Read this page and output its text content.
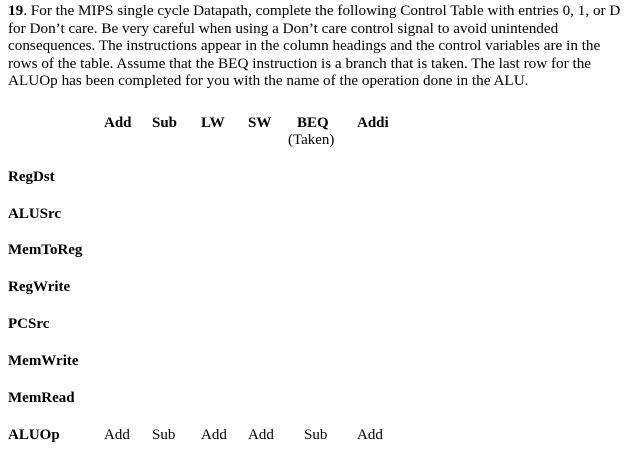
19. For the MIPS single cycle Datapath, complete the following Control Table with entries 0, 1, or D for Don’t care. Be very careful when using a Don’t care control signal to avoid unintended consequences. The instructions appear in the column headings and the control variables are in the rows of the table. Assume that the BEQ instruction is a branch that is taken. The last row for the ALUOp has been completed for you with the name of the operation done in the ALU.

Add Sub LW SW BEQ Addi
(Taken)
RegDst
ALUSrc
MemToReg
RegWrite
PCSrc
MemWrite
MemRead
ALUOp	Add Sub Add Add Sub Add
